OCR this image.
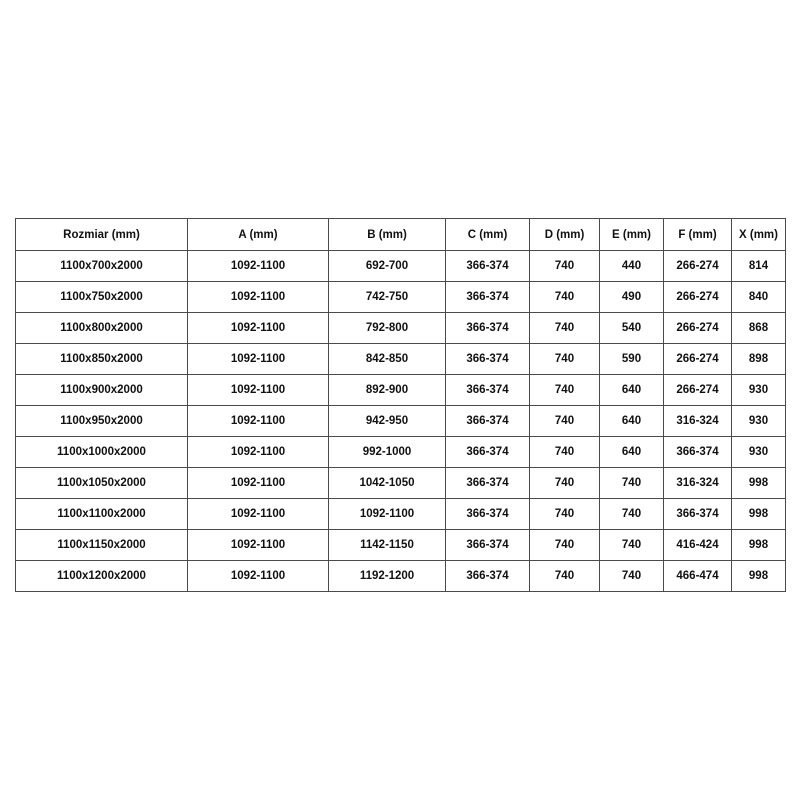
Rozmiar (mm)	A (mm)	B (mm)	C (mm)	D (mm)	E (mm)	F (mm)	X (mm)
1100x700x2000	1092-1100	692-700	366-374	740	440	266-274	814
1100x750x2000	1092-1100	742-750	366-374	740	490	266-274	840
1100x800x2000	1092-1100	792-800	366-374	740	540	266-274	868
1100x850x2000	1092-1100	842-850	366-374	740	590	266-274	898
1100x900x2000	1092-1100	892-900	366-374	740	640	266-274	930
1100x950x2000	1092-1100	942-950	366-374	740	640	316-324	930
1100x1000x2000	1092-1100	992-1000	366-374	740	640	366-374	930
1100x1050x2000	1092-1100	1042-1050	366-374	740	740	316-324	998
1100x1100x2000	1092-1100	1092-1100	366-374	740	740	366-374	998
1100x1150x2000	1092-1100	1142-1150	366-374	740	740	416-424	998
1100x1200x2000	1092-1100	1192-1200	366-374	740	740	466-474	998
